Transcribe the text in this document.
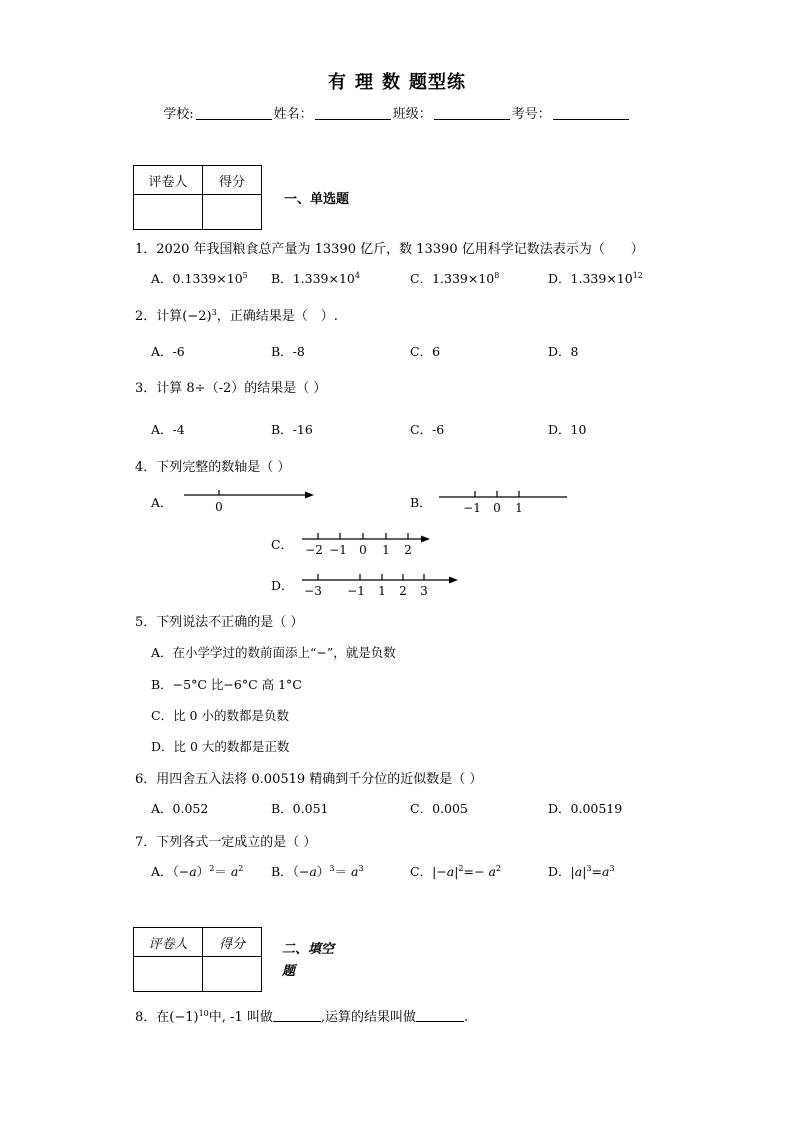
有 理 数 题型练
学校:	姓名：	班级：	考号：
评卷人	得分

一、单选题
1．2020 年我国粮食总产量为 13390 亿斤，数 13390 亿用科学记数法表示为（　　）
A．$0.1339\times 10^5$ B．$1.339\times 10^4$	C．$1.339\times 10^8$	D．$1.339\times 10^{12}$
2．计算$(-2)^3$，正确结果是（　）.
A．-6	B．-8	C．6	D．8
3．计算 8÷（-2）的结果是（ ）
A．-4	B．-16	C．-6	D．10
4．下列完整的数轴是（ ）
A．	0	B．	−1 0 1
C． −2 −1 0 1 2
D． −3 −1 1 2 3
5．下列说法不正确的是（ ）
A．在小学学过的数前面添上“−”，就是负数
B．−5°C 比−6°C 高 1°C
C．比 0 小的数都是负数
D．比 0 大的数都是正数
6．用四舍五入法将 0.00519 精确到千分位的近似数是（ ）
A．0.052	B．0.051	C．0.005	D．0.00519
7．下列各式一定成立的是（ ）
A．$(-a)^2= a^2$ B．$(-a)^3= a^3$	C．$|-a|^2=- a^2$	D．$|a|^3=a^3$
评卷人	得分
		二、填空
题
8．在$(-1)^{10}$中, -1 叫做	,运算的结果叫做	.
